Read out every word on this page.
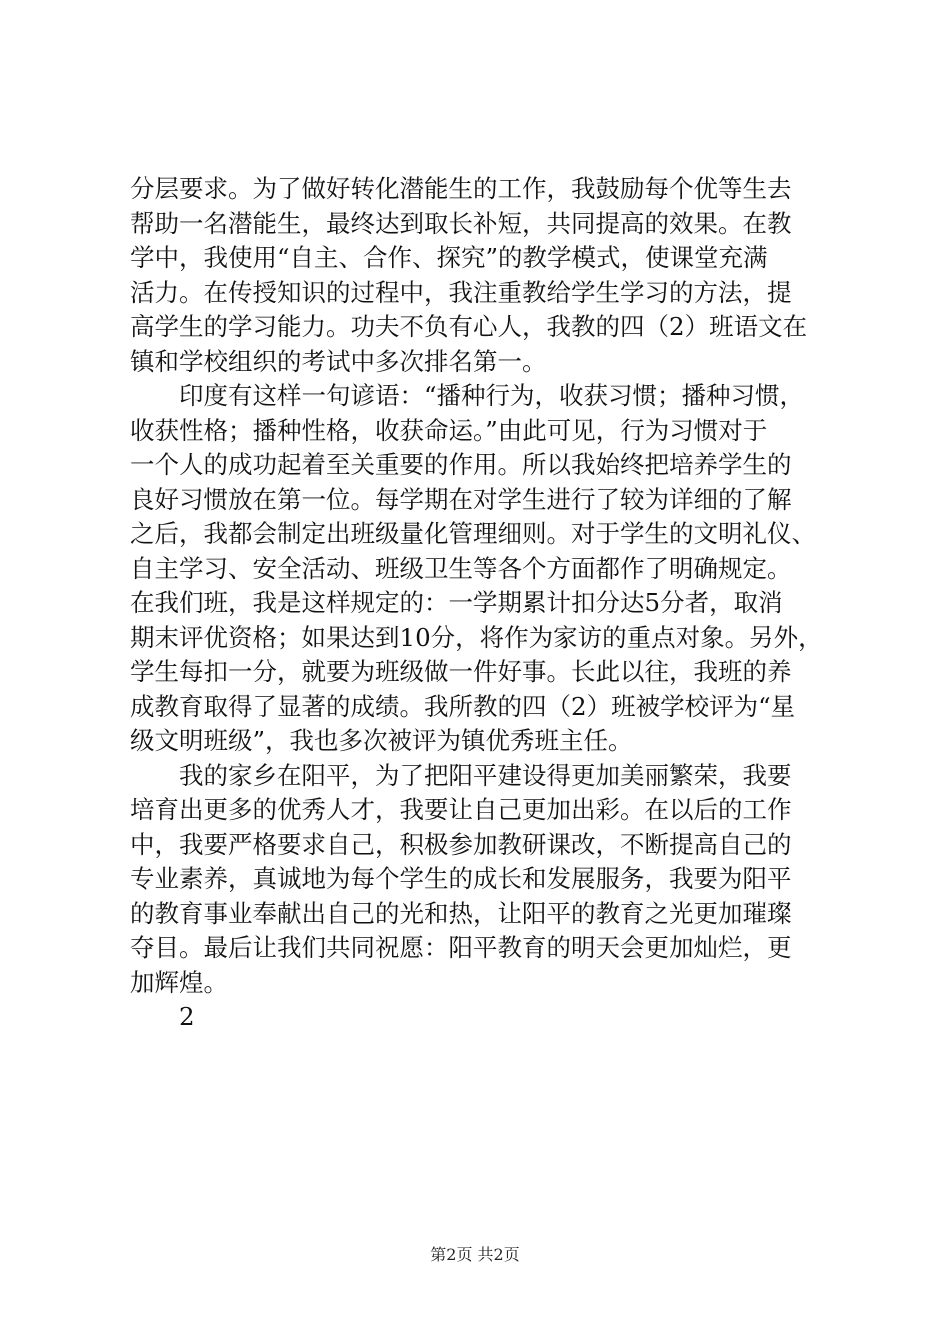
分层要求。为了做好转化潜能生的工作，我鼓励每个优等生去
帮助一名潜能生，最终达到取长补短，共同提高的效果。在教
学中，我使用“自主、合作、探究”的教学模式，使课堂充满
活力。在传授知识的过程中，我注重教给学生学习的方法，提
高学生的学习能力。功夫不负有心人，我教的四（2）班语文在
镇和学校组织的考试中多次排名第一。
印度有这样一句谚语：“播种行为，收获习惯；播种习惯，
收获性格；播种性格，收获命运。”由此可见，行为习惯对于
一个人的成功起着至关重要的作用。所以我始终把培养学生的
良好习惯放在第一位。每学期在对学生进行了较为详细的了解
之后，我都会制定出班级量化管理细则。对于学生的文明礼仪、
自主学习、安全活动、班级卫生等各个方面都作了明确规定。
在我们班，我是这样规定的：一学期累计扣分达5分者，取消
期末评优资格；如果达到10分，将作为家访的重点对象。另外，
学生每扣一分，就要为班级做一件好事。长此以往，我班的养
成教育取得了显著的成绩。我所教的四（2）班被学校评为“星
级文明班级”，我也多次被评为镇优秀班主任。
我的家乡在阳平，为了把阳平建设得更加美丽繁荣，我要
培育出更多的优秀人才，我要让自己更加出彩。在以后的工作
中，我要严格要求自己，积极参加教研课改，不断提高自己的
专业素养，真诚地为每个学生的成长和发展服务，我要为阳平
的教育事业奉献出自己的光和热，让阳平的教育之光更加璀璨
夺目。最后让我们共同祝愿：阳平教育的明天会更加灿烂，更
加辉煌。
2
第2页 共2页
